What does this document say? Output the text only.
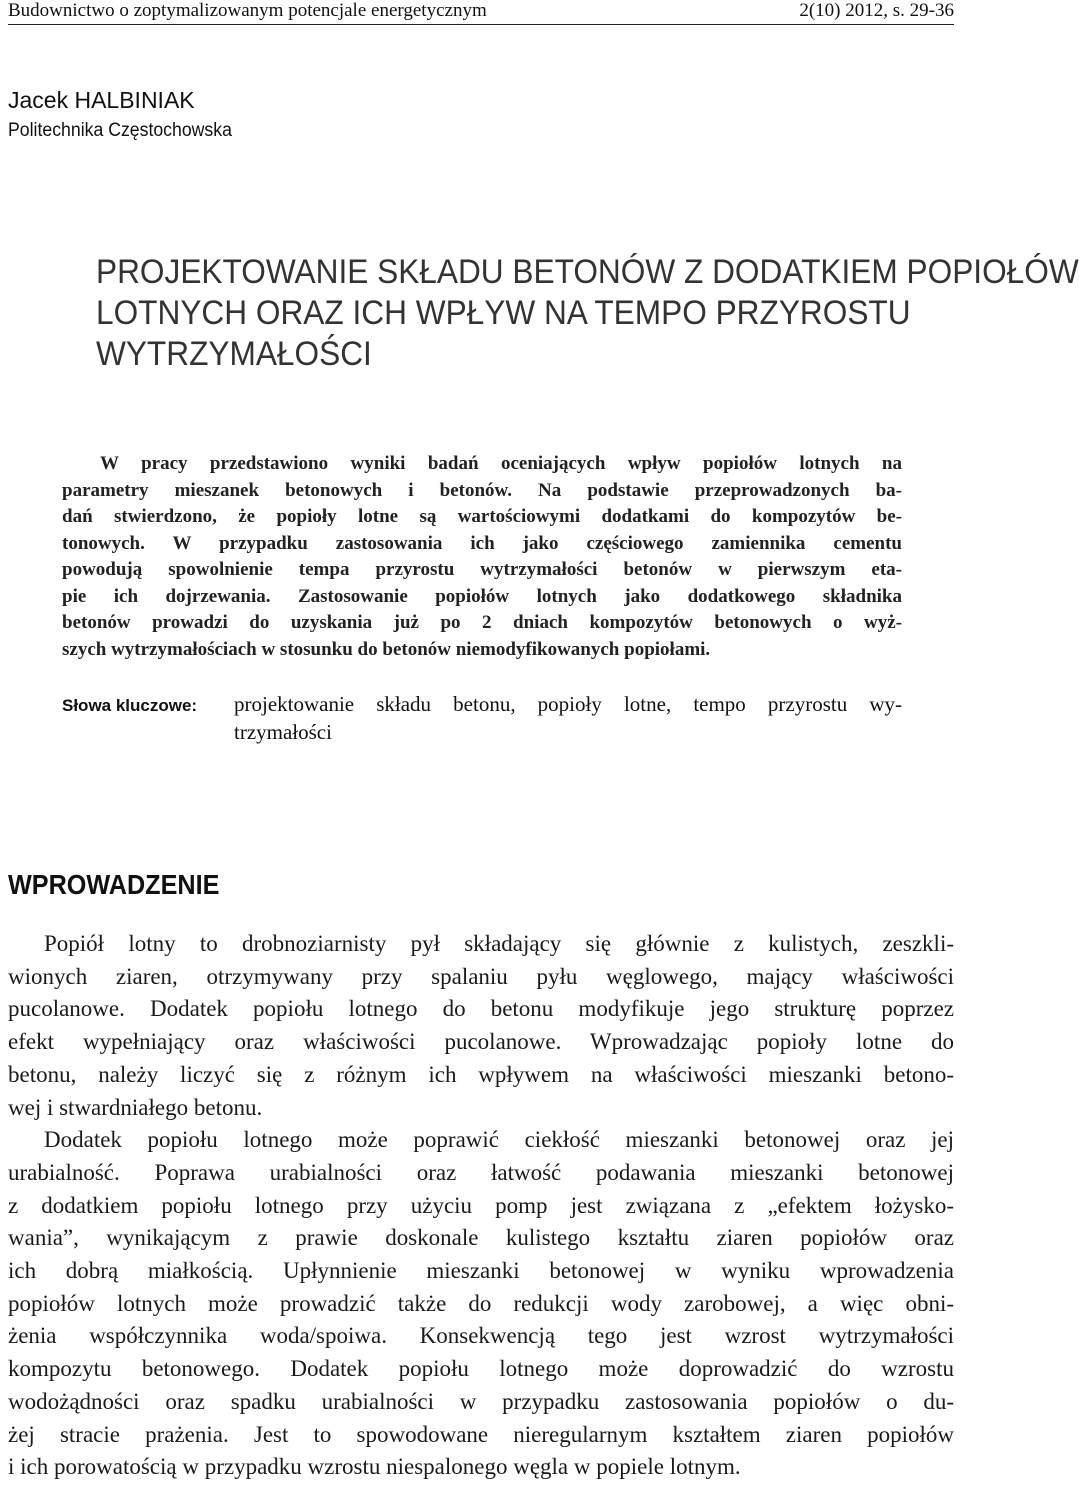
Budownictwo o zoptymalizowanym potencjale energetycznym	2(10) 2012, s. 29-36
Jacek HALBINIAK
Politechnika Częstochowska
PROJEKTOWANIE SKŁADU BETONÓW Z DODATKIEM POPIOŁÓW
LOTNYCH ORAZ ICH WPŁYW NA TEMPO PRZYROSTU
WYTRZYMAŁOŚCI
W pracy przedstawiono wyniki badań oceniających wpływ popiołów lotnych na
parametry mieszanek betonowych i betonów. Na podstawie przeprowadzonych ba-
dań stwierdzono, że popioły lotne są wartościowymi dodatkami do kompozytów be-
tonowych. W przypadku zastosowania ich jako częściowego zamiennika cementu
powodują spowolnienie tempa przyrostu wytrzymałości betonów w pierwszym eta-
pie ich dojrzewania. Zastosowanie popiołów lotnych jako dodatkowego składnika
betonów prowadzi do uzyskania już po 2 dniach kompozytów betonowych o wyż-
szych wytrzymałościach w stosunku do betonów niemodyfikowanych popiołami.
Słowa kluczowe: projektowanie składu betonu, popioły lotne, tempo przyrostu wy-
trzymałości
WPROWADZENIE
Popiół lotny to drobnoziarnisty pył składający się głównie z kulistych, zeszkli-
wionych ziaren, otrzymywany przy spalaniu pyłu węglowego, mający właściwości
pucolanowe. Dodatek popiołu lotnego do betonu modyfikuje jego strukturę poprzez
efekt wypełniający oraz właściwości pucolanowe. Wprowadzając popioły lotne do
betonu, należy liczyć się z różnym ich wpływem na właściwości mieszanki betono-
wej i stwardniałego betonu.
Dodatek popiołu lotnego może poprawić ciekłość mieszanki betonowej oraz jej
urabialność. Poprawa urabialności oraz łatwość podawania mieszanki betonowej
z dodatkiem popiołu lotnego przy użyciu pomp jest związana z „efektem łożysko-
wania”, wynikającym z prawie doskonale kulistego kształtu ziaren popiołów oraz
ich dobrą miałkością. Upłynnienie mieszanki betonowej w wyniku wprowadzenia
popiołów lotnych może prowadzić także do redukcji wody zarobowej, a więc obni-
żenia współczynnika woda/spoiwa. Konsekwencją tego jest wzrost wytrzymałości
kompozytu betonowego. Dodatek popiołu lotnego może doprowadzić do wzrostu
wodożądności oraz spadku urabialności w przypadku zastosowania popiołów o du-
żej stracie prażenia. Jest to spowodowane nieregularnym kształtem ziaren popiołów
i ich porowatością w przypadku wzrostu niespalonego węgla w popiele lotnym.
